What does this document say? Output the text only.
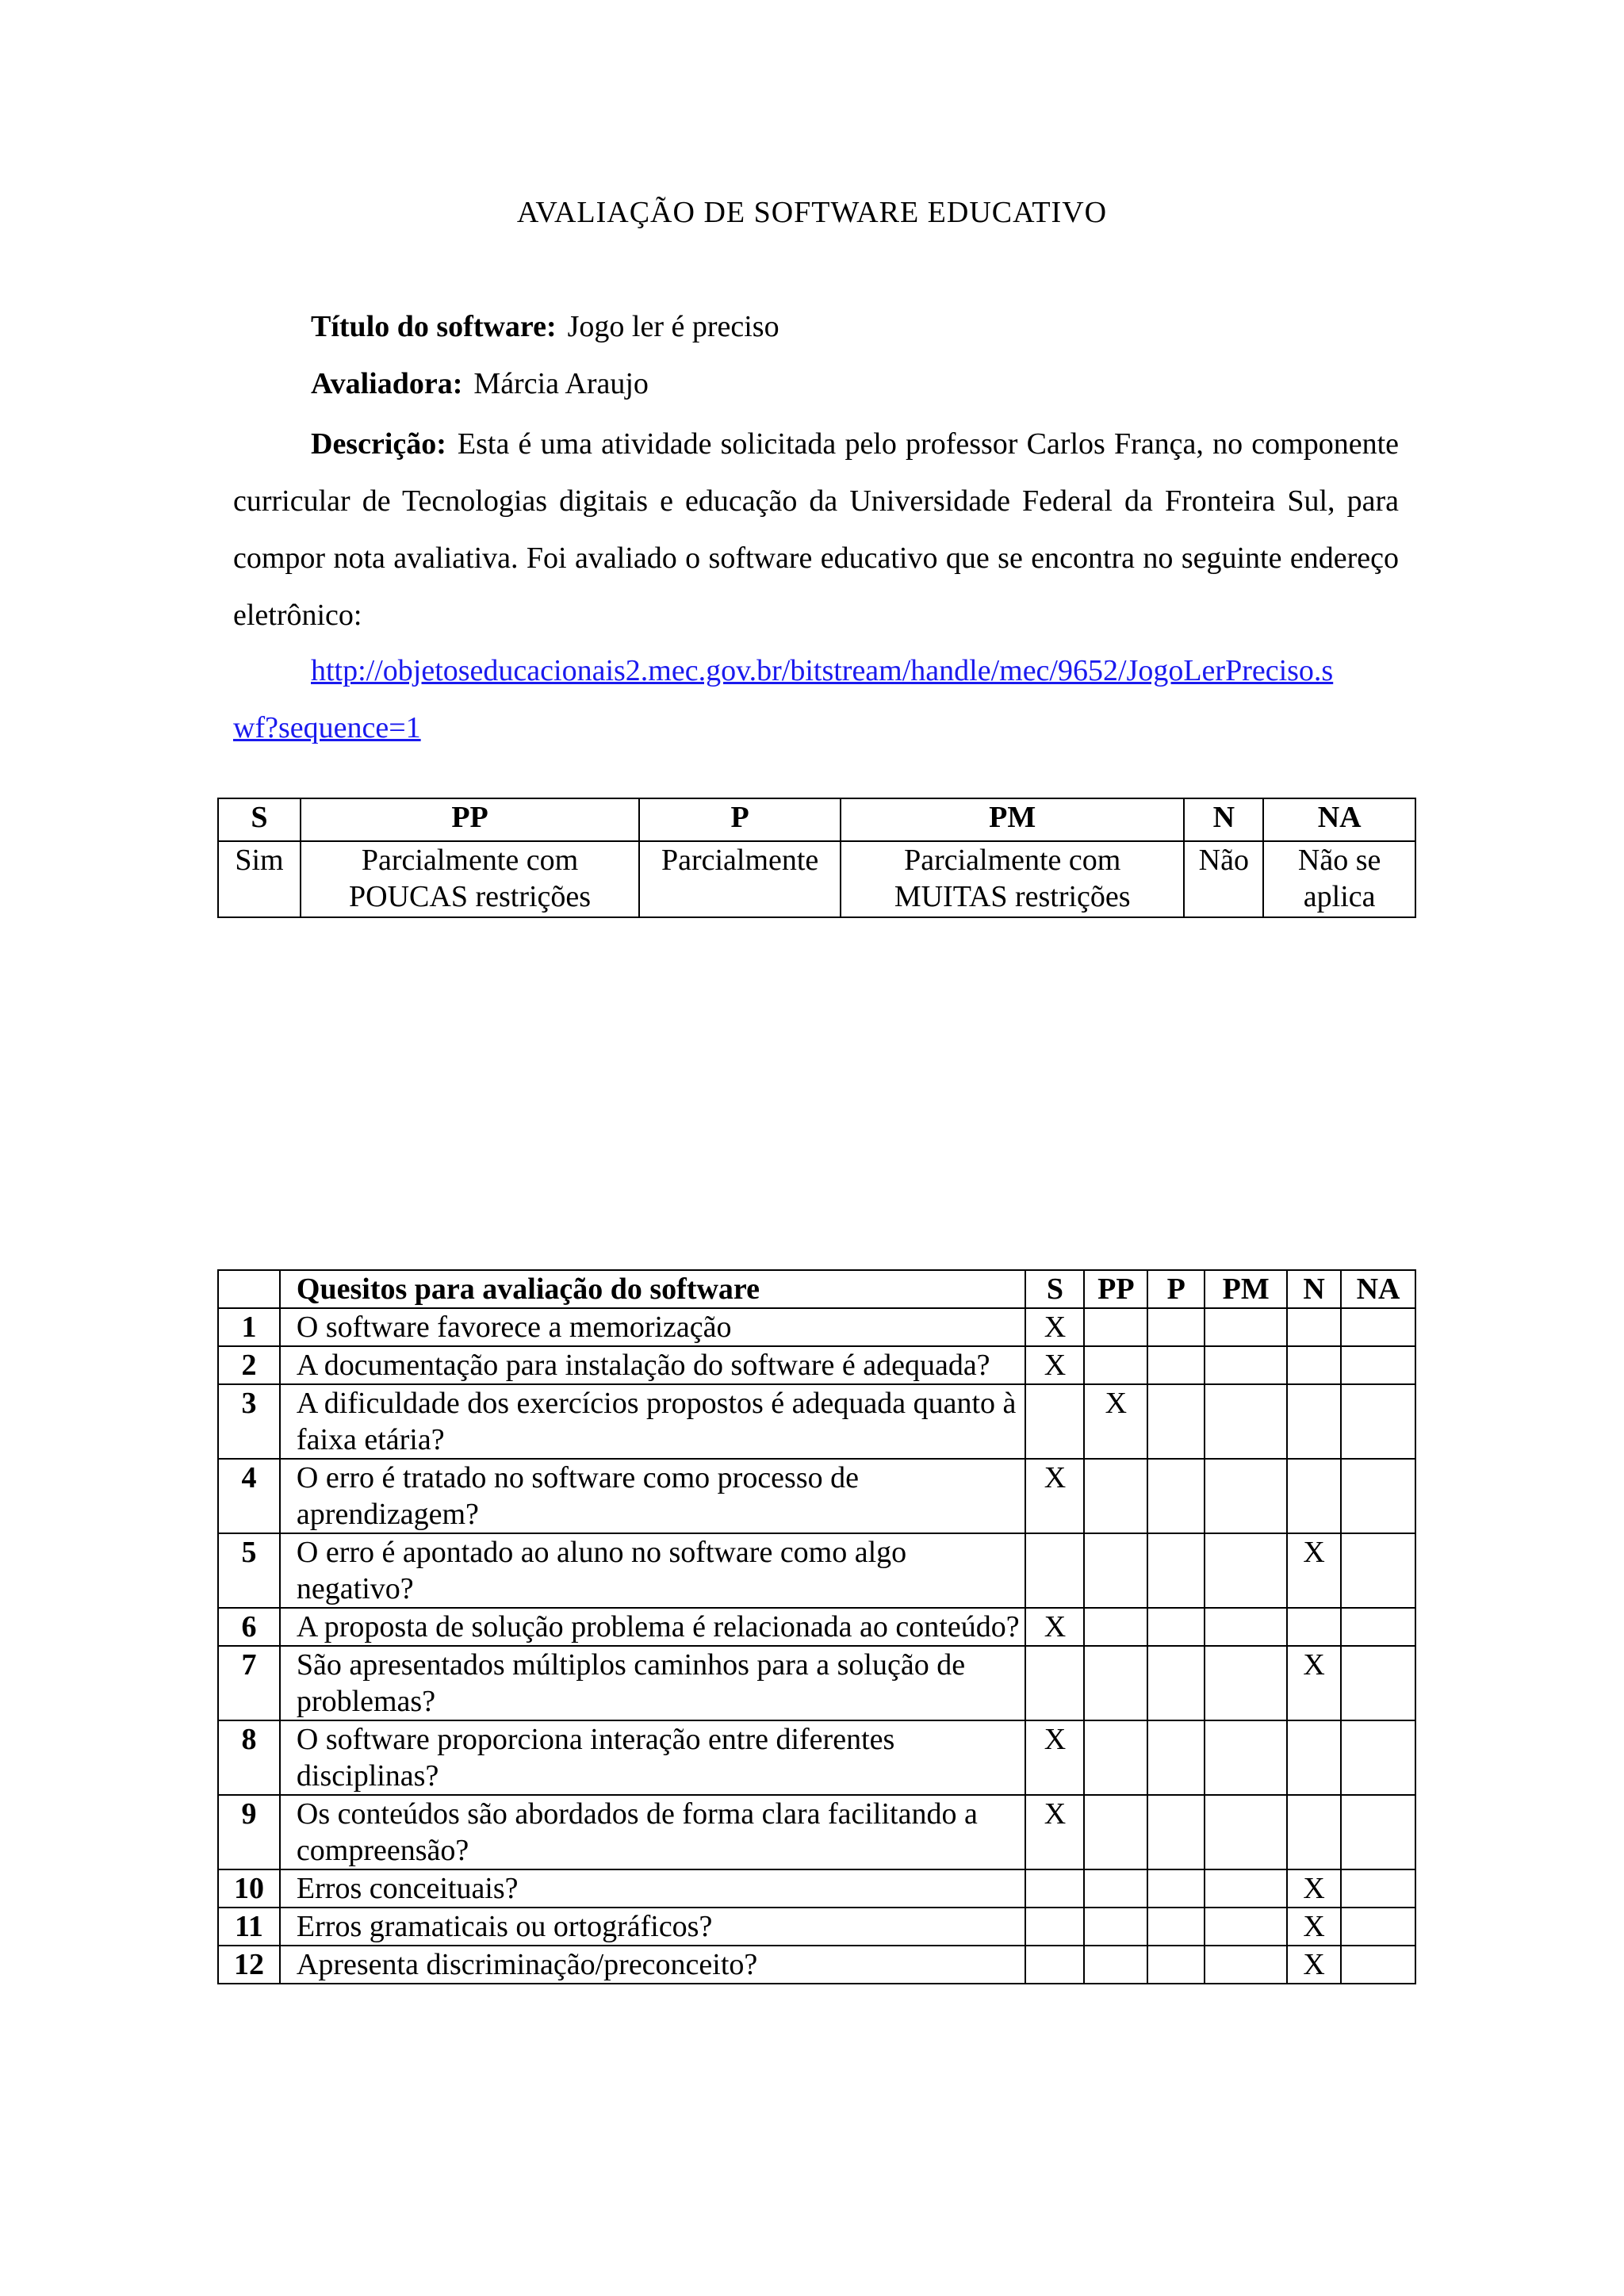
AVALIAÇÃO DE SOFTWARE EDUCATIVO
Título do software: Jogo ler é preciso
Avaliadora: Márcia Araujo

Descrição: Esta é uma atividade solicitada pelo professor Carlos França, no componente curricular de Tecnologias digitais e educação da Universidade Federal da Fronteira Sul, para compor nota avaliativa. Foi avaliado o software educativo que se encontra no seguinte endereço eletrônico:

http://objetoseducacionais2.mec.gov.br/bitstream/handle/mec/9652/JogoLerPreciso.swf?sequence=1

S	PP	P	PM	N	NA
Sim	Parcialmente com POUCAS restrições	Parcialmente	Parcialmente com MUITAS restrições	Não	Não se aplica
	Quesitos para avaliação do software	S	PP	P	PM	N	NA
1	O software favorece a memorização	X					
2	A documentação para instalação do software é adequada?	X					
3	A dificuldade dos exercícios propostos é adequada quanto à faixa etária?		X				
4	O erro é tratado no software como processo de aprendizagem?	X					
5	O erro é apontado ao aluno no software como algo negativo?					X	
6	A proposta de solução problema é relacionada ao conteúdo?	X					
7	São apresentados múltiplos caminhos para a solução de problemas?					X	
8	O software proporciona interação entre diferentes disciplinas?	X					
9	Os conteúdos são abordados de forma clara facilitando a compreensão?	X					
10	Erros conceituais?					X	
11	Erros gramaticais ou ortográficos?					X	
12	Apresenta discriminação/preconceito?					X	
